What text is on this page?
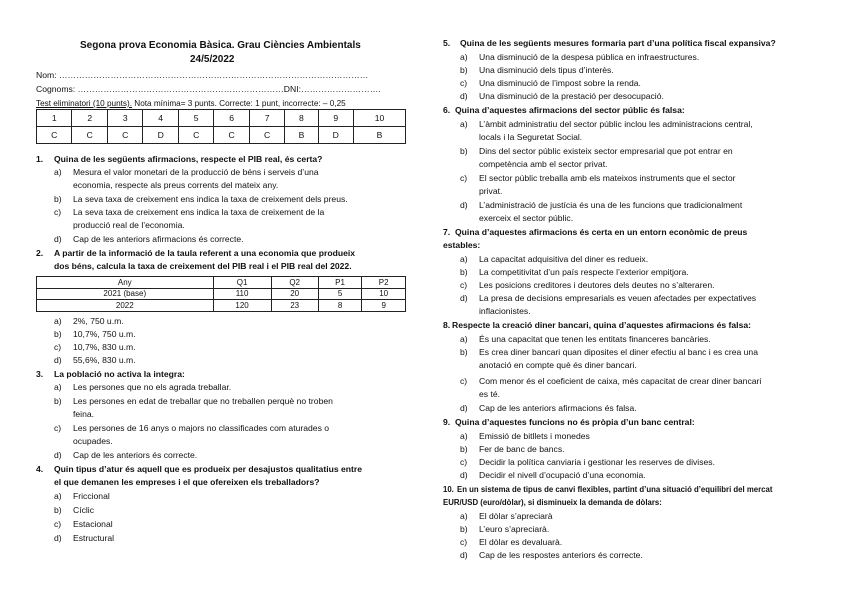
Segona prova Economia Bàsica. Grau Ciències Ambientals
24/5/2022
Nom: ………………………………………………………………………………………………
Cognoms: ………………………………………………………………DNI:……………………….
Test eliminatori (10 punts). Nota mínima= 3 punts. Correcte: 1 punt, incorrecte: – 0,25
1	2	3	4	5	6	7	8	9	10
C	C	C	D	C	C	C	B	D	B
1. Quina de les següents afirmacions, respecte el PIB real, és certa?
a) Mesura el valor monetari de la producció de béns i serveis d’una
economia, respecte als preus corrents del mateix any.
b) La seva taxa de creixement ens indica la taxa de creixement dels preus.
c) La seva taxa de creixement ens indica la taxa de creixement de la
producció real de l’economia.
d) Cap de les anteriors afirmacions és correcte.
2. A partir de la informació de la taula referent a una economia que produeix
dos béns, calcula la taxa de creixement del PIB real i el PIB real del 2022.
Any	Q1	Q2	P1	P2
2021 (base)	110	20	5	10
2022	120	23	8	9
a) 2%, 750 u.m.
b) 10,7%, 750 u.m.
c) 10,7%, 830 u.m.
d) 55,6%, 830 u.m.
3. La població no activa la integra:
a) Les persones que no els agrada treballar.
b) Les persones en edat de treballar que no treballen perquè no troben
feina.
c) Les persones de 16 anys o majors no classificades com aturades o
ocupades.
d) Cap de les anteriors és correcte.
4. Quin tipus d’atur és aquell que es produeix per desajustos qualitatius entre
el que demanen les empreses i el que ofereixen els treballadors?
a) Friccional
b) Cíclic
c) Estacional
d) Estructural
5. Quina de les següents mesures formaria part d’una política fiscal expansiva?
a) Una disminució de la despesa pública en infraestructures.
b) Una disminució dels tipus d’interès.
c) Una disminució de l’impost sobre la renda.
d) Una disminució de la prestació per desocupació.
6. Quina d’aquestes afirmacions del sector públic és falsa:
a) L’àmbit administratiu del sector públic inclou les administracions central,
locals i la Seguretat Social.
b) Dins del sector públic existeix sector empresarial que pot entrar en
competència amb el sector privat.
c) El sector públic treballa amb els mateixos instruments que el sector
privat.
d) L’administració de justícia és una de les funcions que tradicionalment
exerceix el sector públic.
7. Quina d’aquestes afirmacions és certa en un entorn econòmic de preus
estables:
a) La capacitat adquisitiva del diner es redueix.
b) La competitivitat d’un país respecte l’exterior empitjora.
c) Les posicions creditores i deutores dels deutes no s’alteraren.
d) La presa de decisions empresarials es veuen afectades per expectatives
inflacionistes.
8. Respecte la creació diner bancari, quina d’aquestes afirmacions és falsa:
a) És una capacitat que tenen les entitats financeres bancàries.
b) Es crea diner bancari quan diposites el diner efectiu al banc i es crea una
anotació en compte què és diner bancari.
c) Com menor és el coeficient de caixa, més capacitat de crear diner bancari
es té.
d) Cap de les anteriors afirmacions és falsa.
9. Quina d’aquestes funcions no és pròpia d’un banc central:
a) Emissió de bitllets i monedes
b) Fer de banc de bancs.
c) Decidir la política canviaria i gestionar les reserves de divises.
d) Decidir el nivell d’ocupació d’una economia.
10. En un sistema de tipus de canvi flexibles, partint d’una situació d’equilibri del mercat
EUR/USD (euro/dòlar), si disminueix la demanda de dòlars:
a) El dòlar s’apreciarà
b) L’euro s’apreciarà.
c) El dòlar es devaluarà.
d) Cap de les respostes anteriors és correcte.
